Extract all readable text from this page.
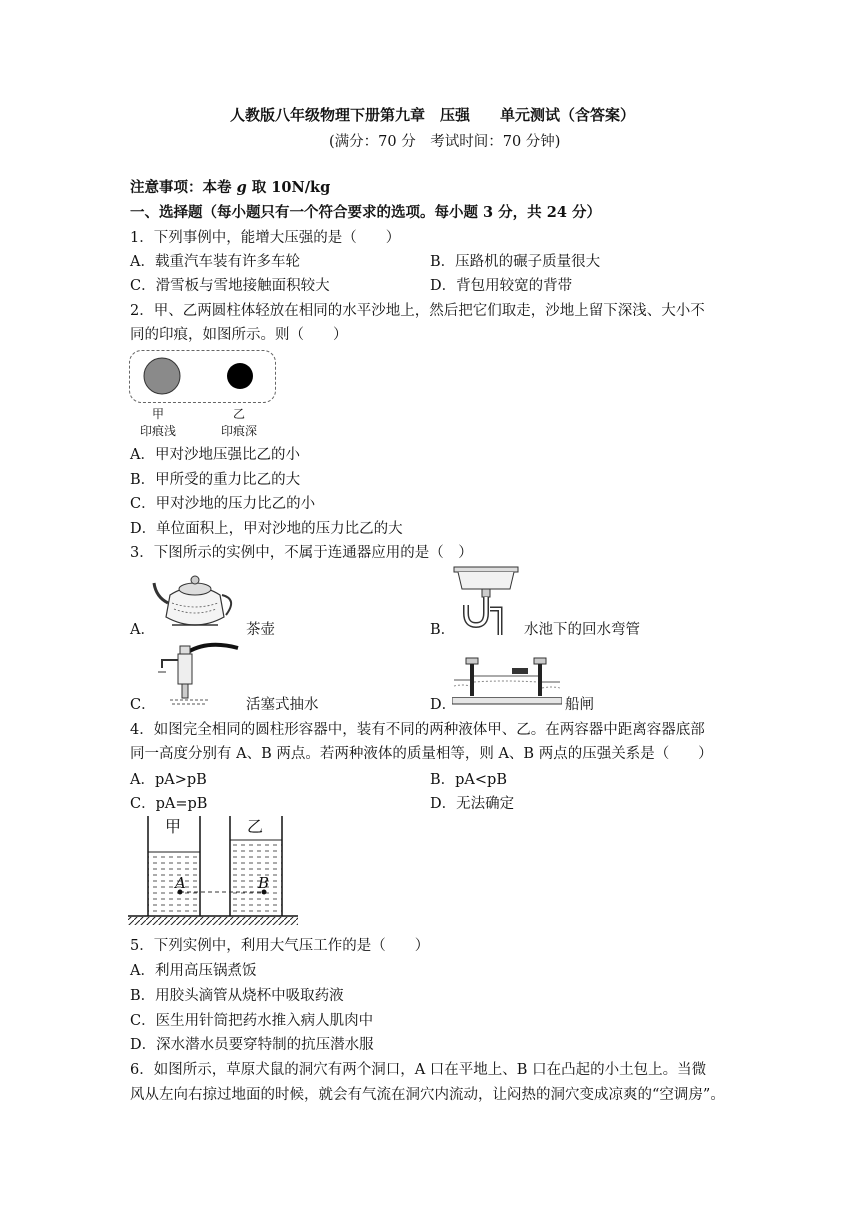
人教版八年级物理下册第九章　压强　　单元测试（含答案）
(满分：70 分　考试时间：70 分钟)
注意事项：本卷 g 取 10N/kg
一、选择题（每小题只有一个符合要求的选项。每小题 3 分，共 24 分）
1．下列事例中，能增大压强的是（　　）
A．载重汽车装有许多车轮	B．压路机的碾子质量很大
C．滑雪板与雪地接触面积较大	D．背包用较宽的背带
2．甲、乙两圆柱体轻放在相同的水平沙地上，然后把它们取走，沙地上留下深浅、大小不
同的印痕，如图所示。则（　　）
甲
印痕浅
乙
印痕深
A．甲对沙地压强比乙的小
B．甲所受的重力比乙的大
C．甲对沙地的压力比乙的小
D．单位面积上，甲对沙地的压力比乙的大
3．下图所示的实例中，不属于连通器应用的是（　）
A．	茶壶	B．	水池下的回水弯管
C．	活塞式抽水	D．	船闸
4．如图完全相同的圆柱形容器中，装有不同的两种液体甲、乙。在两容器中距离容器底部
同一高度分别有 A、B 两点。若两种液体的质量相等，则 A、B 两点的压强关系是（　　）
A．pA>pB	B．pA<pB
C．pA=pB	D．无法确定
甲	乙
A	B
5．下列实例中，利用大气压工作的是（　　）
A．利用高压锅煮饭
B．用胶头滴管从烧杯中吸取药液
C．医生用针筒把药水推入病人肌肉中
D．深水潜水员要穿特制的抗压潜水服
6．如图所示，草原犬鼠的洞穴有两个洞口，A 口在平地上、B 口在凸起的小土包上。当微
风从左向右掠过地面的时候，就会有气流在洞穴内流动，让闷热的洞穴变成凉爽的“空调房”。
